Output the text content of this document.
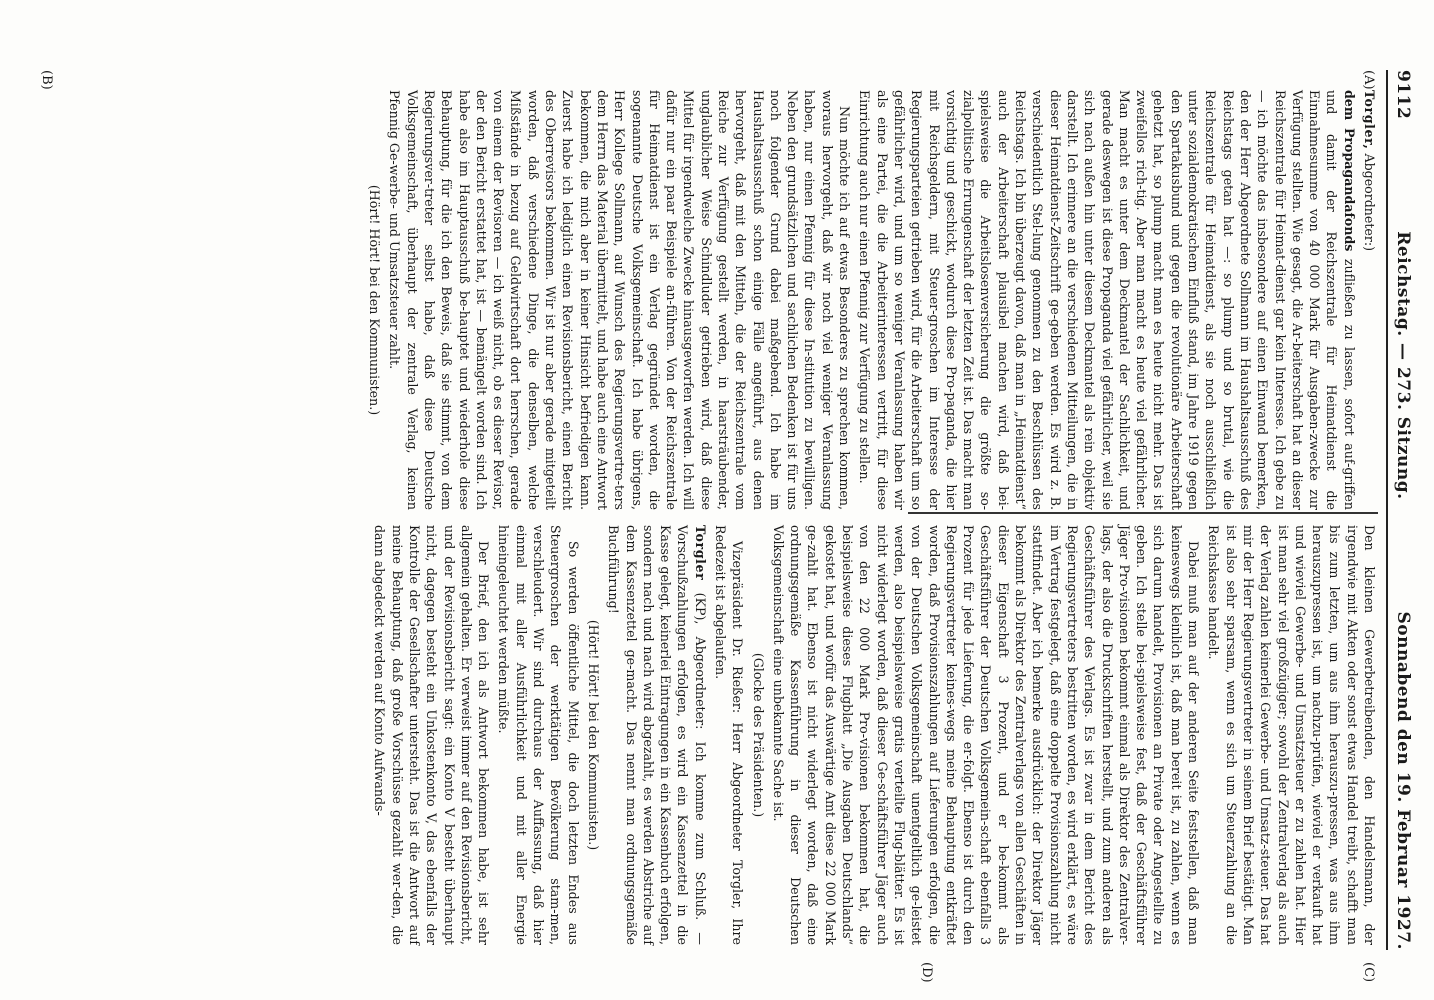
9112
Reichstag. — 273. Sitzung.
Sonnabend den 19. Februar 1927.
(A)
(B)
(C)
(D)

Torgler, Abgeordneter:)

dem Propagandafonds zufließen zu lassen, sofort auf-griffen und damit der Reichszentrale für Heimatdienst die Einnahmesumme von 40 000 Mark für Ausgaben-zwecke zur Verfügung stellten. Wie gesagt, die Ar-beiterschaft hat an dieser Reichszentrale für Heimat-dienst gar kein Interesse. Ich gebe zu — ich möchte das insbesondere auf einen Einwand bemerken, den der Herr Abgeordnete Sollmann im Haushaltsausschuß des Reichstags getan hat —: so plump und so brutal, wie die Reichszentrale für Heimatdienst, als sie noch ausschließlich unter sozialdemokratischem Einfluß stand, im Jahre 1919 gegen den Spartakusbund und gegen die revolutionäre Arbeiterschaft gehetzt hat, so plump macht man es heute nicht mehr. Das ist zweifellos rich-tig. Aber man macht es heute viel gefährlicher. Man macht es unter dem Deckmantel der Sachlichkeit, und gerade deswegen ist diese Propaganda viel gefährlicher, weil sie sich nach außen hin unter diesem Deckmantel als rein objektiv darstellt. Ich erinnere an die verschiedenen Mitteilungen, die in dieser Heimatdienst-Zeitschrift ge-geben werden. Es wird z. B. verschiedentlich Stel-lung genommen zu den Beschlüssen des Reichstags. Ich bin überzeugt davon, daß man in „Heimatdienst“ auch der Arbeiterschaft plausibel machen wird, daß bei-spielsweise die Arbeitslosenversicherung die größte so-zialpolitische Errungenschaft der letzten Zeit ist. Das macht man vorsichtig und geschickt, wodurch diese Pro-paganda, die hier mit Reichsgeldern, mit Steuer-groschen im Interesse der Regierungsparteien getrieben wird, für die Arbeiterschaft um so gefährlicher wird, und um so weniger Veranlassung haben wir als eine Partei, die die Arbeiterinteressen vertritt, für diese Einrichtung auch nur einen Pfennig zur Verfügung zu stellen.

Nun möchte ich auf etwas Besonderes zu sprechen kommen, woraus hervorgeht, daß wir noch viel weniger Veranlassung haben, nur einen Pfennig für diese In-stitution zu bewilligen. Neben den grundsätzlichen und sachlichen Bedenken ist für uns noch folgender Grund dabei maßgebend. Ich habe im Haushaltsausschuß schon einige Fälle angeführt, aus denen hervorgeht, daß mit den Mitteln, die der Reichszentrale vom Reiche zur Verfügung gestellt werden, in haarsträubender, unglaublicher Weise Schindluder getrieben wird, daß diese Mittel für irgendwelche Zwecke hinausgeworfen werden. Ich will dafür nur ein paar Beispiele an-führen. Von der Reichszentrale für Heimatdienst ist ein Verlag gegründet worden, die sogenannte Deutsche Volksgemeinschaft. Ich habe übrigens, Herr Kollege Sollmann, auf Wunsch des Regierungsvertre-ters dem Herrn das Material übermittelt, und habe auch eine Antwort bekommen, die mich aber in keiner Hinsicht befriedigen kann. Zuerst habe ich lediglich einen Revisionsbericht, einen Bericht des Oberrevisors bekommen. Wir ist nur aber gerade mitgeteilt worden, daß verschiedene Dinge, die denselben, welche Mißstände in bezug auf Geldwirtschaft dort herrschen, gerade von einem der Revisoren — ich weiß nicht, ob es dieser Revisor, der den Bericht erstattet hat, ist — bemängelt worden sind. Ich habe also im Hauptausschuß be-hauptet und wiederhole diese Behauptung, für die ich den Beweis, daß sie stimmt, von dem Regierungsver-treter selbst habe, daß diese Deutsche Volksgemeinschaft, überhaupt der zentrale Verlag, keinen Pfennig Ge-werbe- und Umsatzsteuer zahlt.

(Hört! Hört! bei den Kommunisten.)

Den kleinen Gewerbetreibenden, den Handelsmann, der irgendwie mit Akten oder sonst etwas Handel treibt, schafft man bis zum letzten, um aus ihm herauszu-pressen, was aus ihm herauszupressen ist, um nachzu-prüfen, wieviel er verkauft hat und wieviel Gewerbe- und Umsatzsteuer er zu zahlen hat. Hier ist man sehr viel großzügiger; sowohl der Zentralverlag als auch der Verlag zahlen keinerlei Gewerbe- und Umsatz-steuer. Das hat mir der Herr Regierungsvertreter in seinem Brief bestätigt. Man ist also sehr sparsam, wenn es sich um Steuerzahlung an die Reichskasse handelt.

Dabei muß man auf der anderen Seite feststellen, daß man keineswegs kleinlich ist, daß man bereit ist, zu zahlen, wenn es sich darum handelt, Provisionen an Private oder Angestellte zu geben. Ich stelle bei-spielsweise fest, daß der Geschäftsführer Jäger Pro-visionen bekommt einmal als Direktor des Zentralver-lags, der also die Druckschriften herstellt, und zum anderen als Geschäftsführer des Verlags. Es ist zwar in dem Bericht des Regierungsvertreters bestritten worden, es wird erklärt, es wäre im Vertrag festgelegt, daß eine doppelte Provisionszahlung nicht stattfindet. Aber ich bemerke ausdrücklich: der Direktor Jäger bekommt als Direktor des Zentralverlags von allen Geschäften in dieser Eigenschaft 3 Prozent, und er be-kommt als Geschäftsführer der Deutschen Volksgemein-schaft ebenfalls 3 Prozent für jede Lieferung, die er-folgt. Ebenso ist durch den Regierungsvertreter keines-wegs meine Behauptung entkräftet worden, daß Provisionszahlungen auf Lieferungen erfolgen, die von der Deutschen Volksgemeinschaft unentgeltlich ge-leistet werden, also beispielsweise gratis verteilte Flug-blätter. Es ist nicht widerlegt worden, daß dieser Ge-schäftsführer Jäger auch von den 22 000 Mark Pro-visionen bekommen hat, die beispielsweise dieses Flugblatt „Die Ausgaben Deutschlands“ gekostet hat, und wofür das Auswärtige Amt diese 22 000 Mark ge-zahlt hat. Ebenso ist nicht widerlegt worden, daß eine ordnungsgemäße Kassenführung in dieser Deutschen Volksgemeinschaft eine unbekannte Sache ist.

(Glocke des Präsidenten.)

Vizepräsident Dr. Rießer: Herr Abgeordneter Torgler, Ihre Redezeit ist abgelaufen.

Torgler (KP), Abgeordneter: Ich komme zum Schluß. — Vorschußzahlungen erfolgen, es wird ein Kassenzettel in die Kasse gelegt, keinerlei Eintragungen in ein Kassenbuch erfolgen, sondern nach und nach wird abgezahlt, es werden Abstriche auf dem Kassenzettel ge-macht. Das nennt man ordnungsgemäße Buchführung!

(Hört! Hört! bei den Kommunisten.)

So werden öffentliche Mittel, die doch letzten Endes aus Steuergroschen der werktätigen Bevölkerung stam-men, verschleudert. Wir sind durchaus der Auffassung, daß hier einmal mit aller Ausführlichkeit und mit aller Energie hineingeleuchtet werden müßte.

Der Brief, den ich als Antwort bekommen habe, ist sehr allgemein gehalten. Er verweist immer auf den Revisionsbericht, und der Revisionsbericht sagt: ein Konto V besteht überhaupt nicht, dagegen besteht ein Unkostenkonto V, das ebenfalls der Kontrolle der Gesellschafter untersteht. Das ist die Antwort auf meine Behauptung, daß große Vorschüsse gezahlt wer-den, die dann abgedeckt werden auf Konto Aufwands-
